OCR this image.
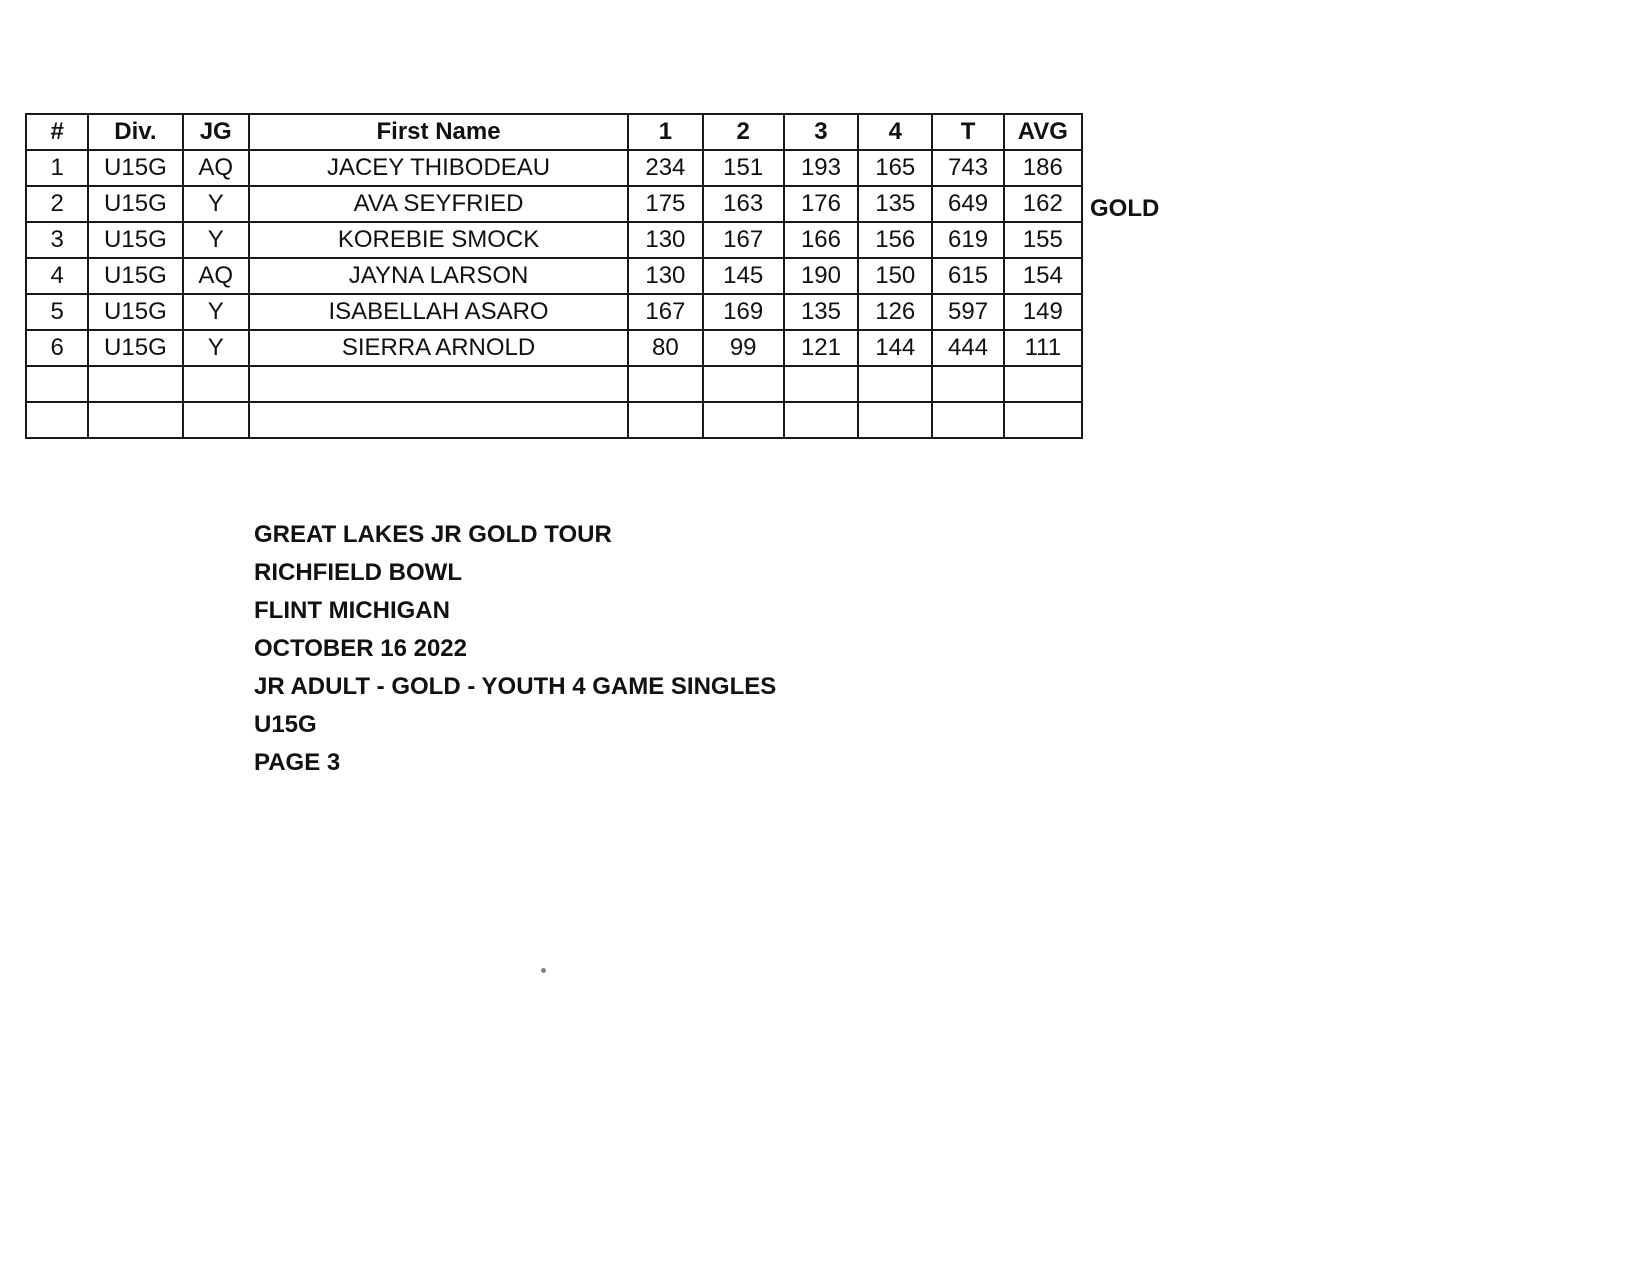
#	Div.	JG	First Name	1	2	3	4	T	AVG
1	U15G	AQ	JACEY THIBODEAU	234	151	193	165	743	186
2	U15G	Y	AVA SEYFRIED	175	163	176	135	649	162
3	U15G	Y	KOREBIE SMOCK	130	167	166	156	619	155
4	U15G	AQ	JAYNA LARSON	130	145	190	150	615	154
5	U15G	Y	ISABELLAH ASARO	167	169	135	126	597	149
6	U15G	Y	SIERRA ARNOLD	80	99	121	144	444	111

GOLD
GREAT LAKES JR GOLD TOUR
RICHFIELD BOWL
FLINT MICHIGAN
OCTOBER 16 2022
JR ADULT - GOLD - YOUTH 4 GAME SINGLES
U15G
PAGE 3
